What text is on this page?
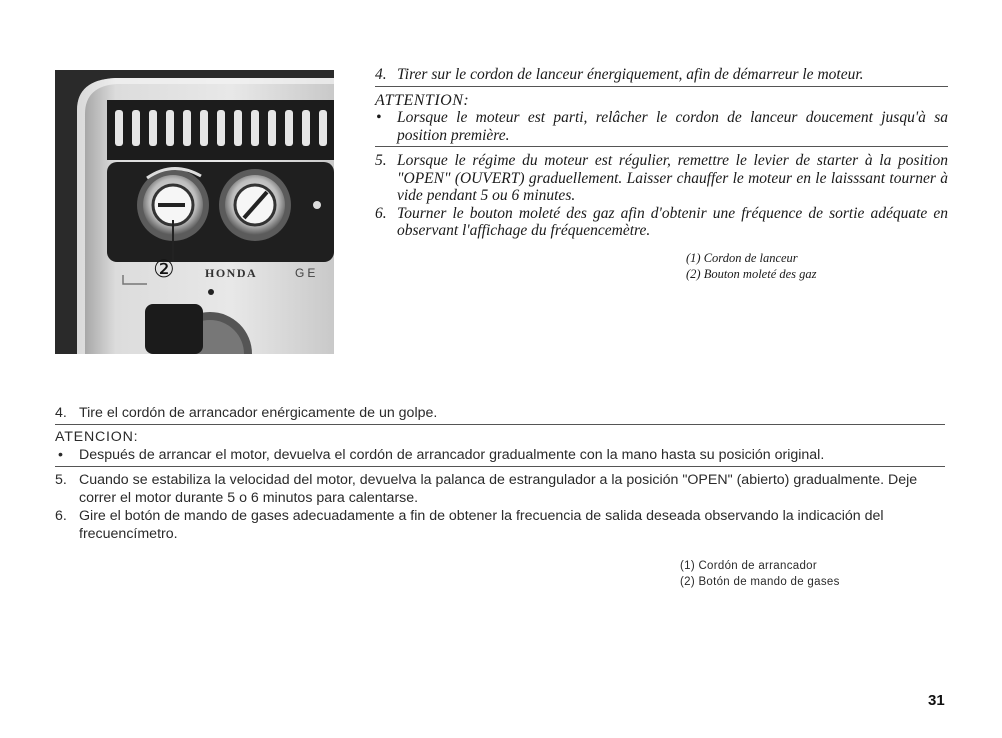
②	HONDA	GE
4. Tirer sur le cordon de lanceur énergiquement, afin de démarreur le moteur.
ATTENTION:
• Lorsque le moteur est parti, relâcher le cordon de lanceur doucement jusqu'à sa position première.
5. Lorsque le régime du moteur est régulier, remettre le levier de starter à la position "OPEN" (OUVERT) graduellement. Laisser chauffer le moteur en le laisssant tourner à vide pendant 5 ou 6 minutes.
6. Tourner le bouton moleté des gaz afin d'obtenir une fréquence de sortie adéquate en observant l'affichage du fréquencemètre.
(1) Cordon de lanceur
(2) Bouton moleté des gaz
4. Tire el cordón de arrancador enérgicamente de un golpe.
ATENCION:
• Después de arrancar el motor, devuelva el cordón de arrancador gradualmente con la mano hasta su posición original.
5. Cuando se estabiliza la velocidad del motor, devuelva la palanca de estrangulador a la posición "OPEN" (abierto) gradualmente. Deje correr el motor durante 5 o 6 minutos para calentarse.
6. Gire el botón de mando de gases adecuadamente a fin de obtener la frecuencia de salida deseada observando la indicación del frecuencímetro.
(1) Cordón de arrancador
(2) Botón de mando de gases
31
